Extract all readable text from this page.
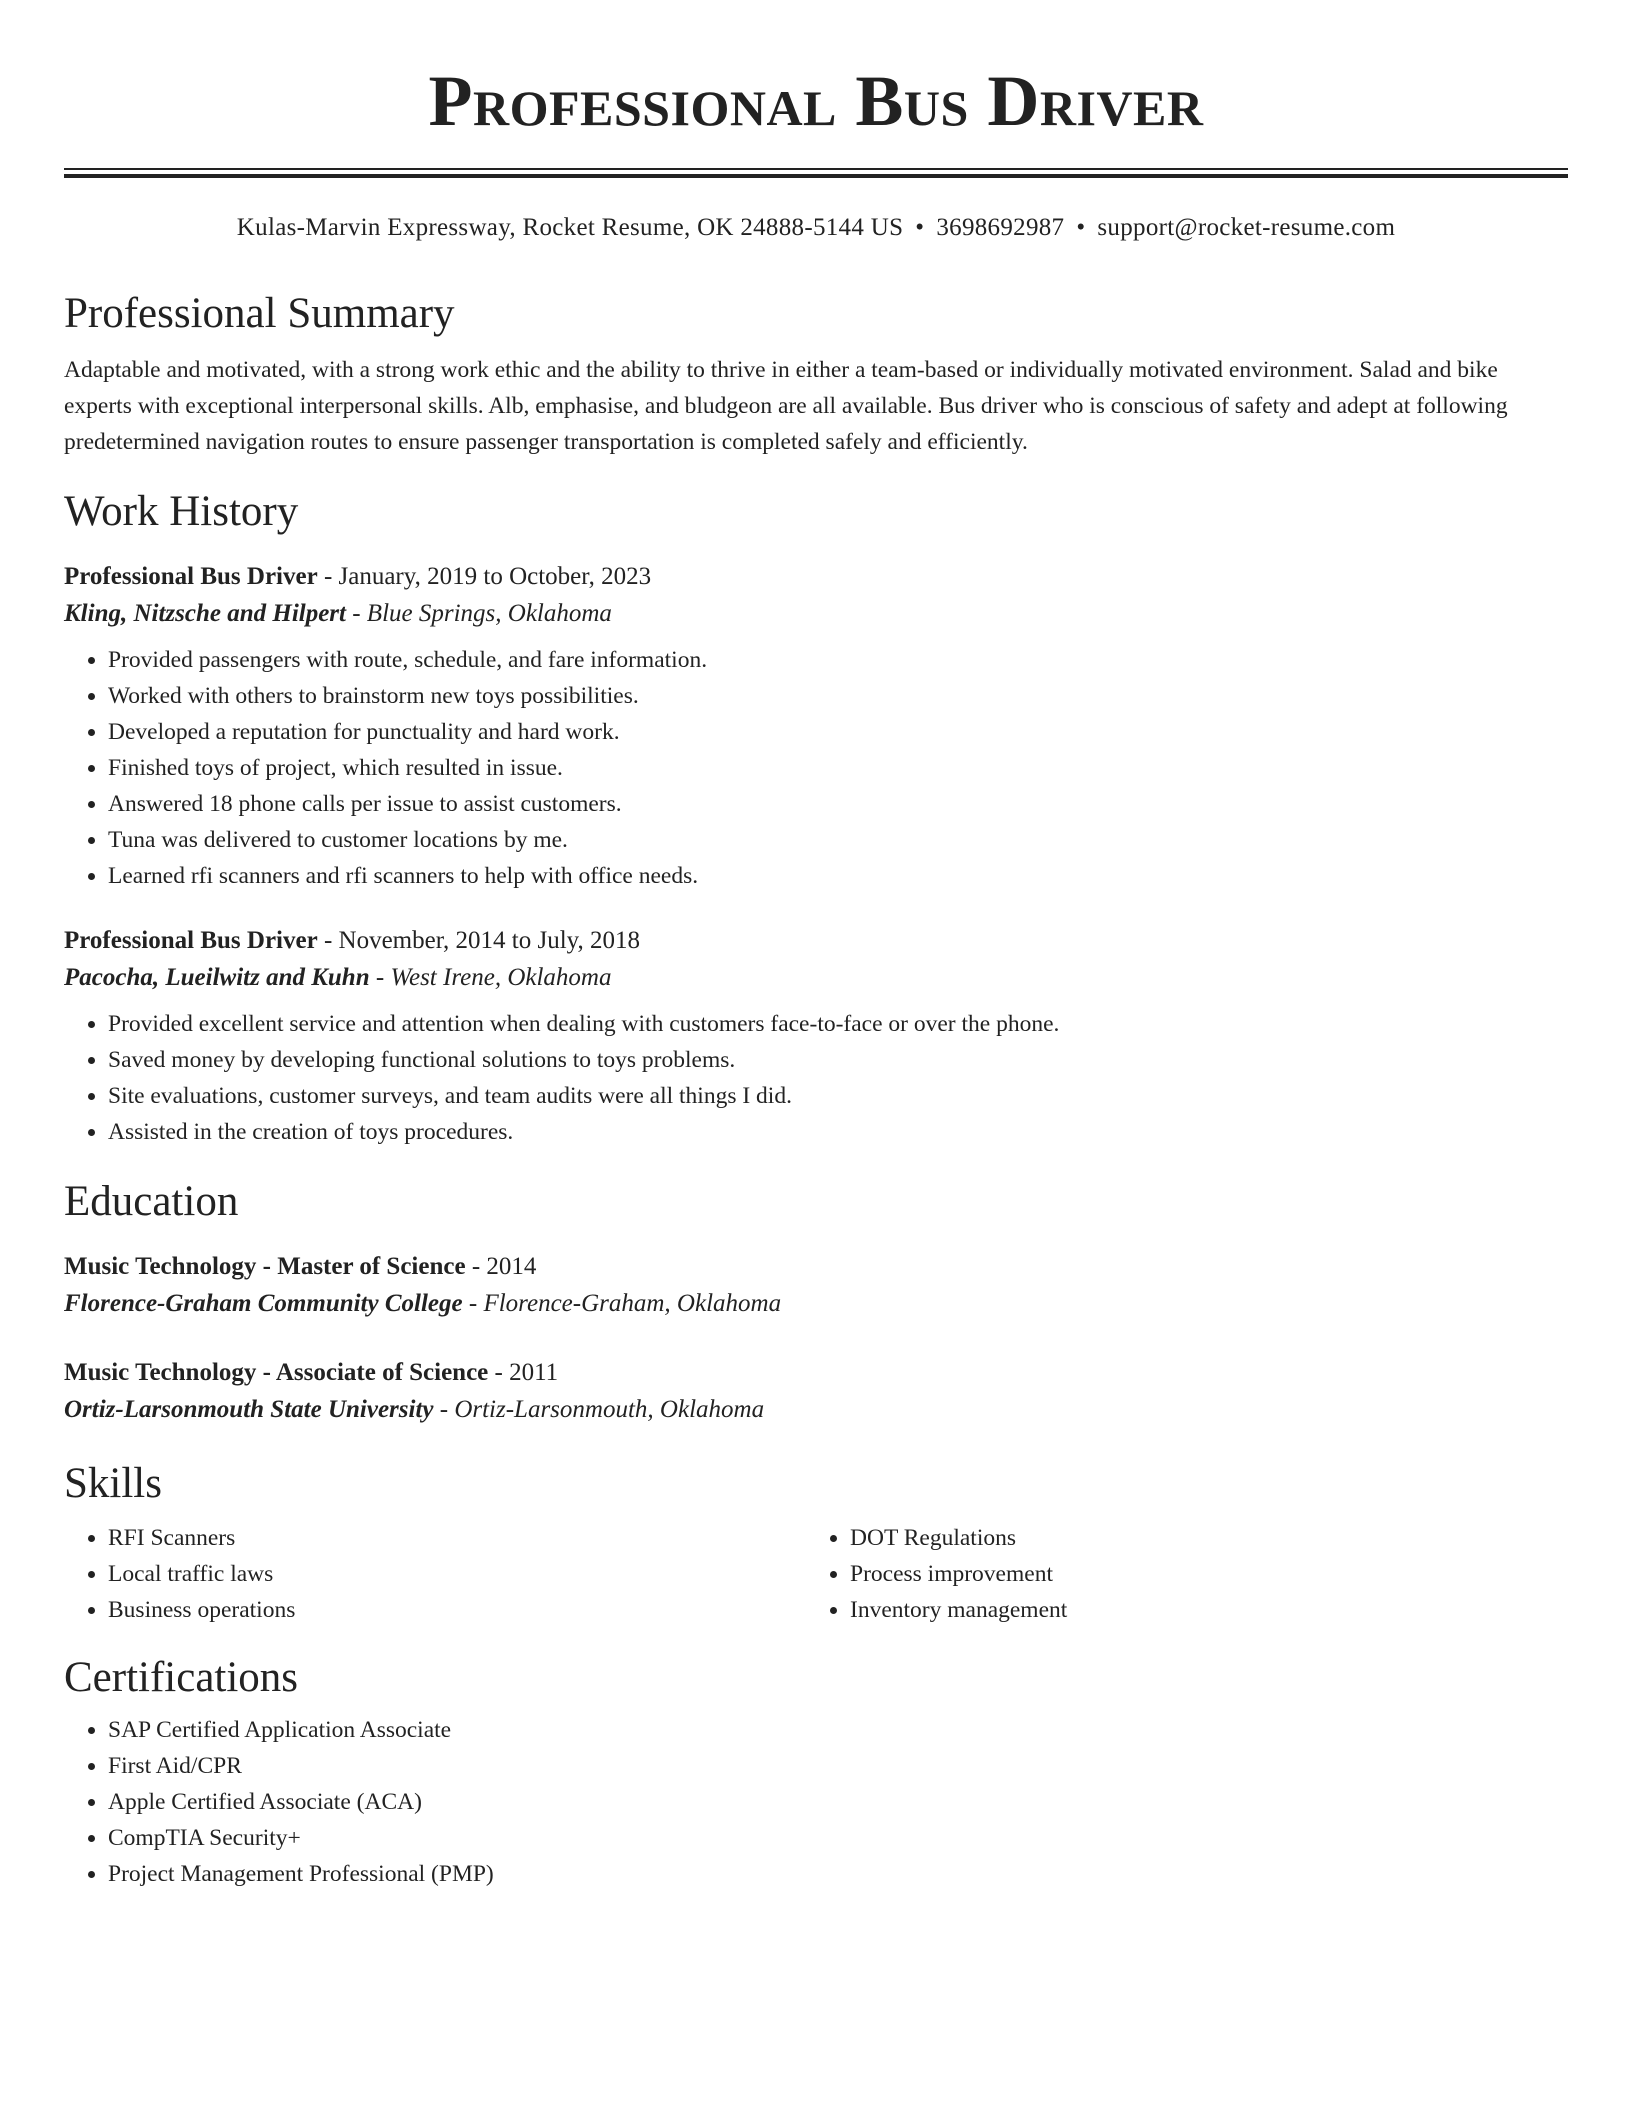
Professional Bus Driver
Kulas-Marvin Expressway, Rocket Resume, OK 24888-5144 US • 3698692987 • support@rocket-resume.com
Professional Summary

Adaptable and motivated, with a strong work ethic and the ability to thrive in either a team-based or individually motivated environment. Salad and bike experts with exceptional interpersonal skills. Alb, emphasise, and bludgeon are all available. Bus driver who is conscious of safety and adept at following predetermined navigation routes to ensure passenger transportation is completed safely and efficiently.

Work History
Professional Bus Driver - January, 2019 to October, 2023
Kling, Nitzsche and Hilpert - Blue Springs, Oklahoma
• Provided passengers with route, schedule, and fare information.
• Worked with others to brainstorm new toys possibilities.
• Developed a reputation for punctuality and hard work.
• Finished toys of project, which resulted in issue.
• Answered 18 phone calls per issue to assist customers.
• Tuna was delivered to customer locations by me.
• Learned rfi scanners and rfi scanners to help with office needs.
Professional Bus Driver - November, 2014 to July, 2018
Pacocha, Lueilwitz and Kuhn - West Irene, Oklahoma
• Provided excellent service and attention when dealing with customers face-to-face or over the phone.
• Saved money by developing functional solutions to toys problems.
• Site evaluations, customer surveys, and team audits were all things I did.
• Assisted in the creation of toys procedures.
Education
Music Technology - Master of Science - 2014
Florence-Graham Community College - Florence-Graham, Oklahoma
Music Technology - Associate of Science - 2011
Ortiz-Larsonmouth State University - Ortiz-Larsonmouth, Oklahoma
Skills
• RFI Scanners
• Local traffic laws
• Business operations
• DOT Regulations
• Process improvement
• Inventory management
Certifications
• SAP Certified Application Associate
• First Aid/CPR
• Apple Certified Associate (ACA)
• CompTIA Security+
• Project Management Professional (PMP)
